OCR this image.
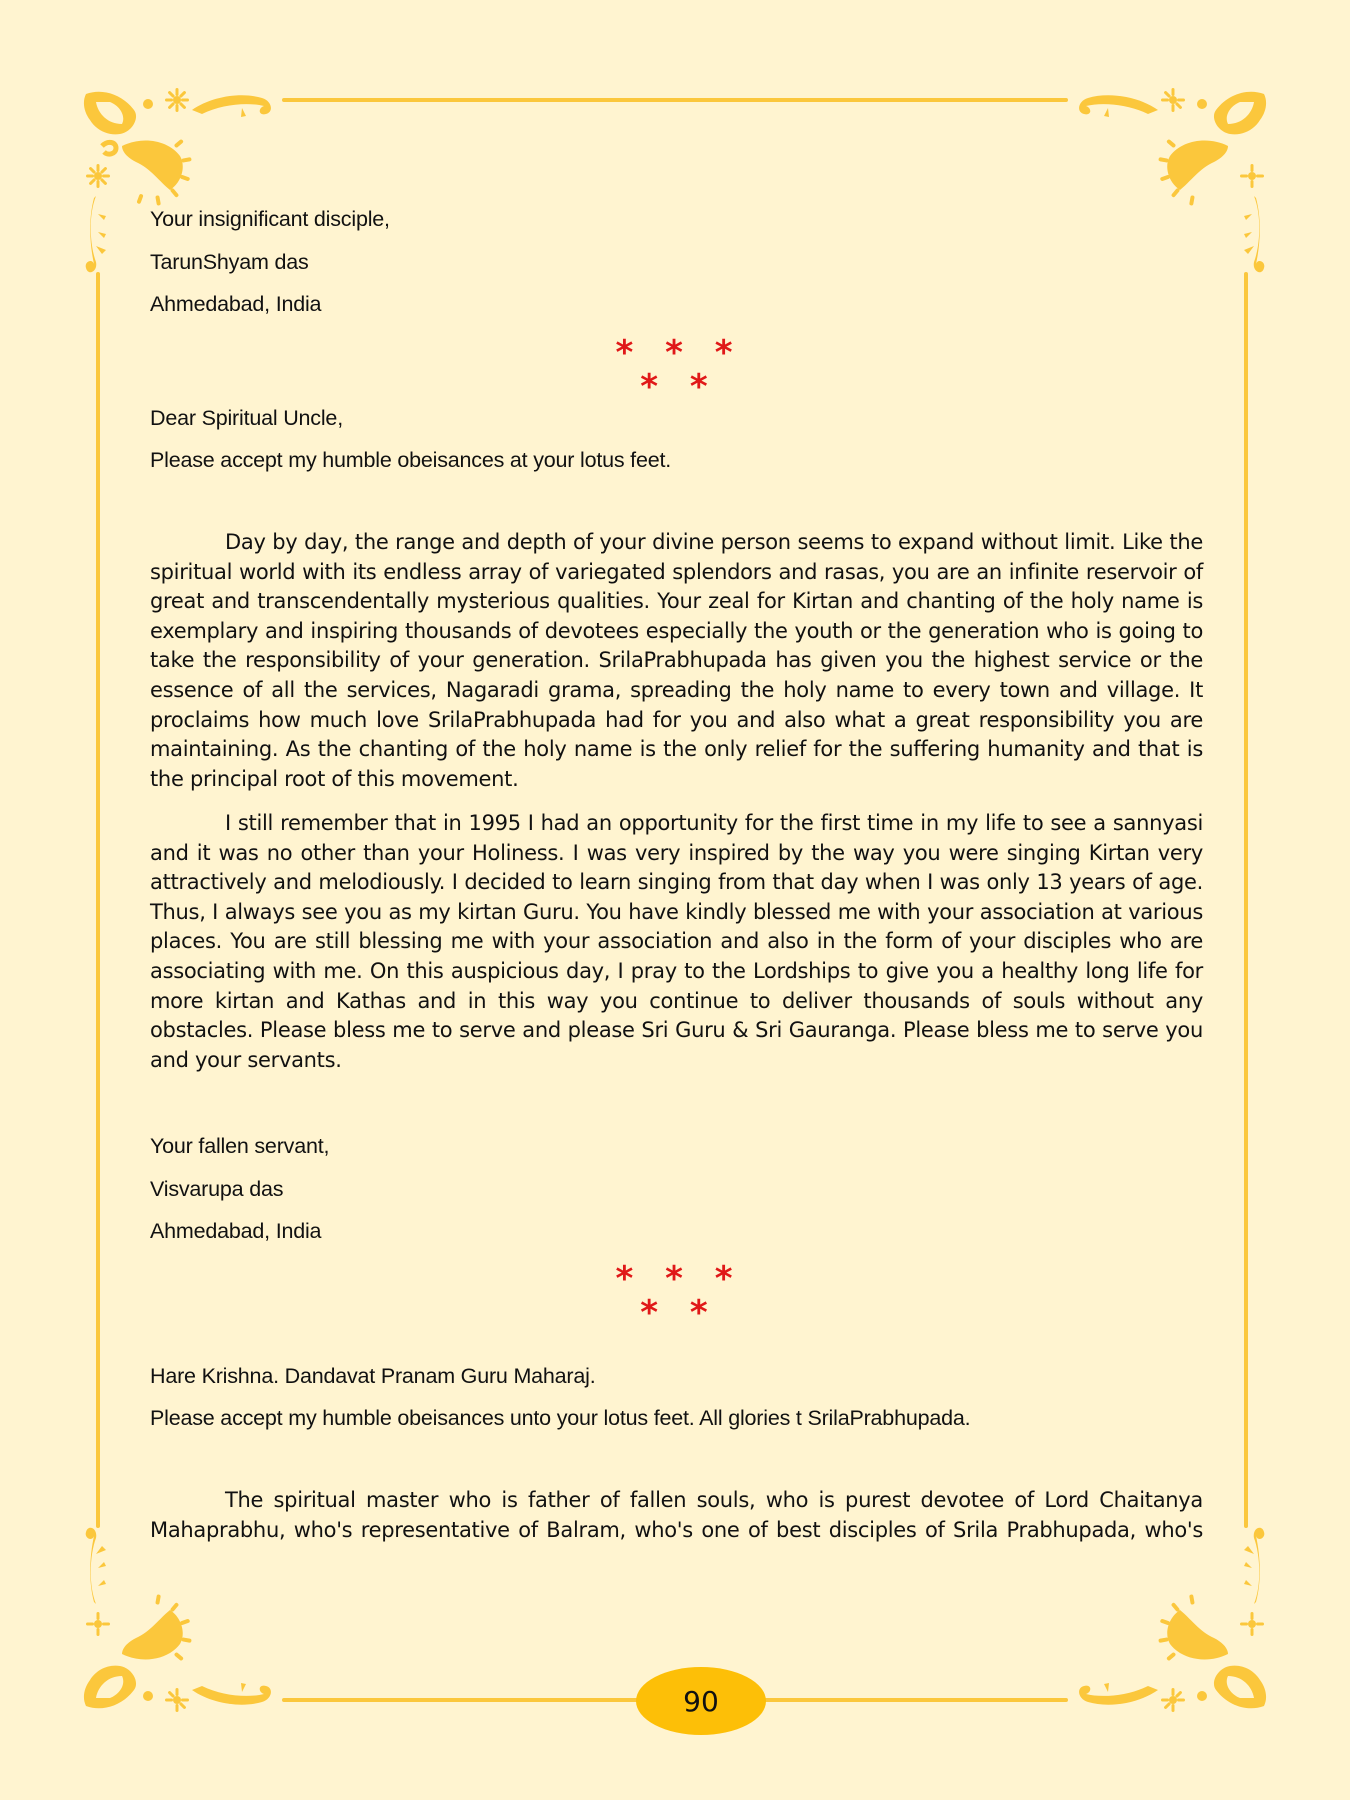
Your insignificant disciple,
TarunShyam das
Ahmedabad, India
* * * * *
Dear Spiritual Uncle,
Please accept my humble obeisances at your lotus feet.
Day by day, the range and depth of your divine person seems to expand without limit. Like the spiritual world with its endless array of variegated splendors and rasas, you are an infinite reservoir of great and transcendentally mysterious qualities. Your zeal for Kirtan and chanting of the holy name is exemplary and inspiring thousands of devotees especially the youth or the generation who is going to take the responsibility of your generation. SrilaPrabhupada has given you the highest service or the essence of all the services, Nagaradi grama, spreading the holy name to every town and village. It proclaims how much love SrilaPrabhupada had for you and also what a great responsibility you are maintaining. As the chanting of the holy name is the only relief for the suffering humanity and that is the principal root of this movement.
I still remember that in 1995 I had an opportunity for the first time in my life to see a sannyasi and it was no other than your Holiness. I was very inspired by the way you were singing Kirtan very attractively and melodiously. I decided to learn singing from that day when I was only 13 years of age. Thus, I always see you as my kirtan Guru. You have kindly blessed me with your association at various places. You are still blessing me with your association and also in the form of your disciples who are associating with me. On this auspicious day, I pray to the Lordships to give you a healthy long life for more kirtan and Kathas and in this way you continue to deliver thousands of souls without any obstacles. Please bless me to serve and please Sri Guru & Sri Gauranga. Please bless me to serve you and your servants.
Your fallen servant,
Visvarupa das
Ahmedabad, India
* * * * *
Hare Krishna. Dandavat Pranam Guru Maharaj.
Please accept my humble obeisances unto your lotus feet. All glories t SrilaPrabhupada.
The spiritual master who is father of fallen souls, who is purest devotee of Lord Chaitanya Mahaprabhu, who's representative of Balram, who's one of best disciples of Srila Prabhupada, who's
90
